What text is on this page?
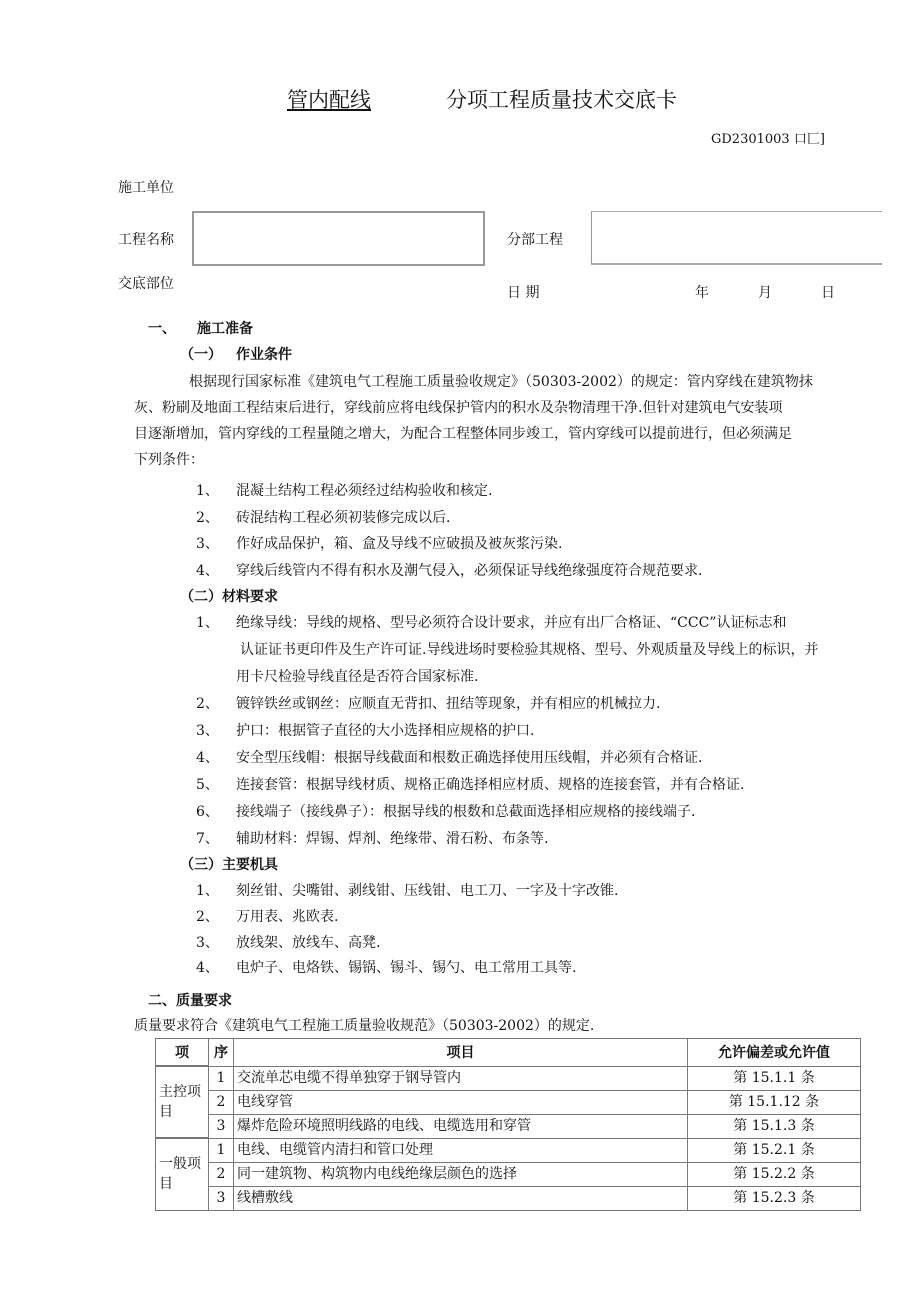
管内配线	分项工程质量技术交底卡
GD2301003 口匚]
施工单位
工程名称	分部工程
交底部位
日 期	年	月	日
一、 施工准备
（一） 作业条件
根据现行国家标准《建筑电气工程施工质量验收规定》（50303-2002）的规定：管内穿线在建筑物抹
灰、粉刷及地面工程结束后进行，穿线前应将电线保护管内的积水及杂物清理干净.但针对建筑电气安装项
目逐渐增加，管内穿线的工程量随之增大，为配合工程整体同步竣工，管内穿线可以提前进行，但必须满足
下列条件：
（二）材料要求
（三）主要机具
二、质量要求
质量要求符合《建筑电气工程施工质量验收规范》（50303-2002）的规定.
项	序	项目	允许偏差或允许值
主控项目	1	交流单芯电缆不得单独穿于钢导管内	第 15.1.1 条
	2	电线穿管	第 15.1.12 条
	3	爆炸危险环境照明线路的电线、电缆选用和穿管	第 15.1.3 条
一般项目	1	电线、电缆管内清扫和管口处理	第 15.2.1 条
	2	同一建筑物、构筑物内电线绝缘层颜色的选择	第 15.2.2 条
	3	线槽敷线	第 15.2.3 条
1、 混凝土结构工程必须经过结构验收和核定.
2、 砖混结构工程必须初装修完成以后.
3、 作好成品保护，箱、盒及导线不应破损及被灰浆污染.
4、 穿线后线管内不得有积水及潮气侵入，必须保证导线绝缘强度符合规范要求.
1、 绝缘导线：导线的规格、型号必须符合设计要求，并应有出厂合格证、“CCC”认证标志和
认证证书更印件及生产许可证.导线进场时要检验其规格、型号、外观质量及导线上的标识，并
用卡尺检验导线直径是否符合国家标准.
2、 镀锌铁丝或钢丝：应顺直无背扣、扭结等现象，并有相应的机械拉力.
3、 护口：根据管子直径的大小选择相应规格的护口.
4、 安全型压线帽：根据导线截面和根数正确选择使用压线帽，并必须有合格证.
5、 连接套管：根据导线材质、规格正确选择相应材质、规格的连接套管，并有合格证.
6、 接线端子（接线鼻子）：根据导线的根数和总截面选择相应规格的接线端子.
7、 辅助材料：焊锡、焊剂、绝缘带、滑石粉、布条等.
1、 刻丝钳、尖嘴钳、剥线钳、压线钳、电工刀、一字及十字改锥.
2、 万用表、兆欧表.
3、 放线架、放线车、高凳.
4、 电炉子、电烙铁、锡锅、锡斗、锡勺、电工常用工具等.
